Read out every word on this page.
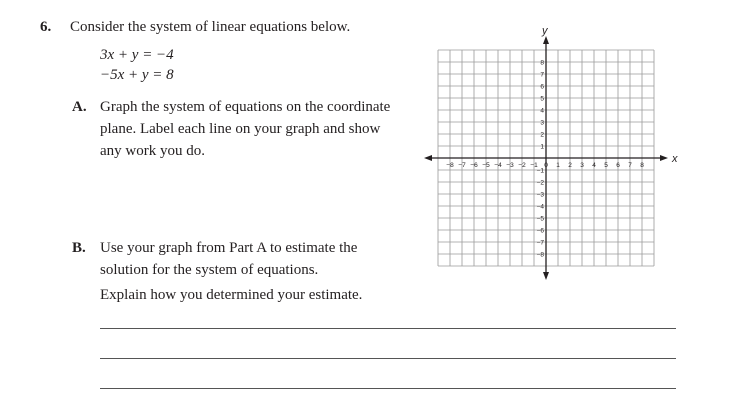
6. Consider the system of linear equations below.
3x + y = −4
−5x + y = 8
A. Graph the system of equations on the coordinate plane. Label each line on your graph and show any work you do.
B. Use your graph from Part A to estimate the solution for the system of equations.
Explain how you determined your estimate.
x
y
−8 −7 −6 −5 −4 −3 −2 −1 0 1 2 3 4 5 6 7 8
8
7
6
5
4
3
2
1
−1
−2
−3
−4
−5
−6
−7
−8
